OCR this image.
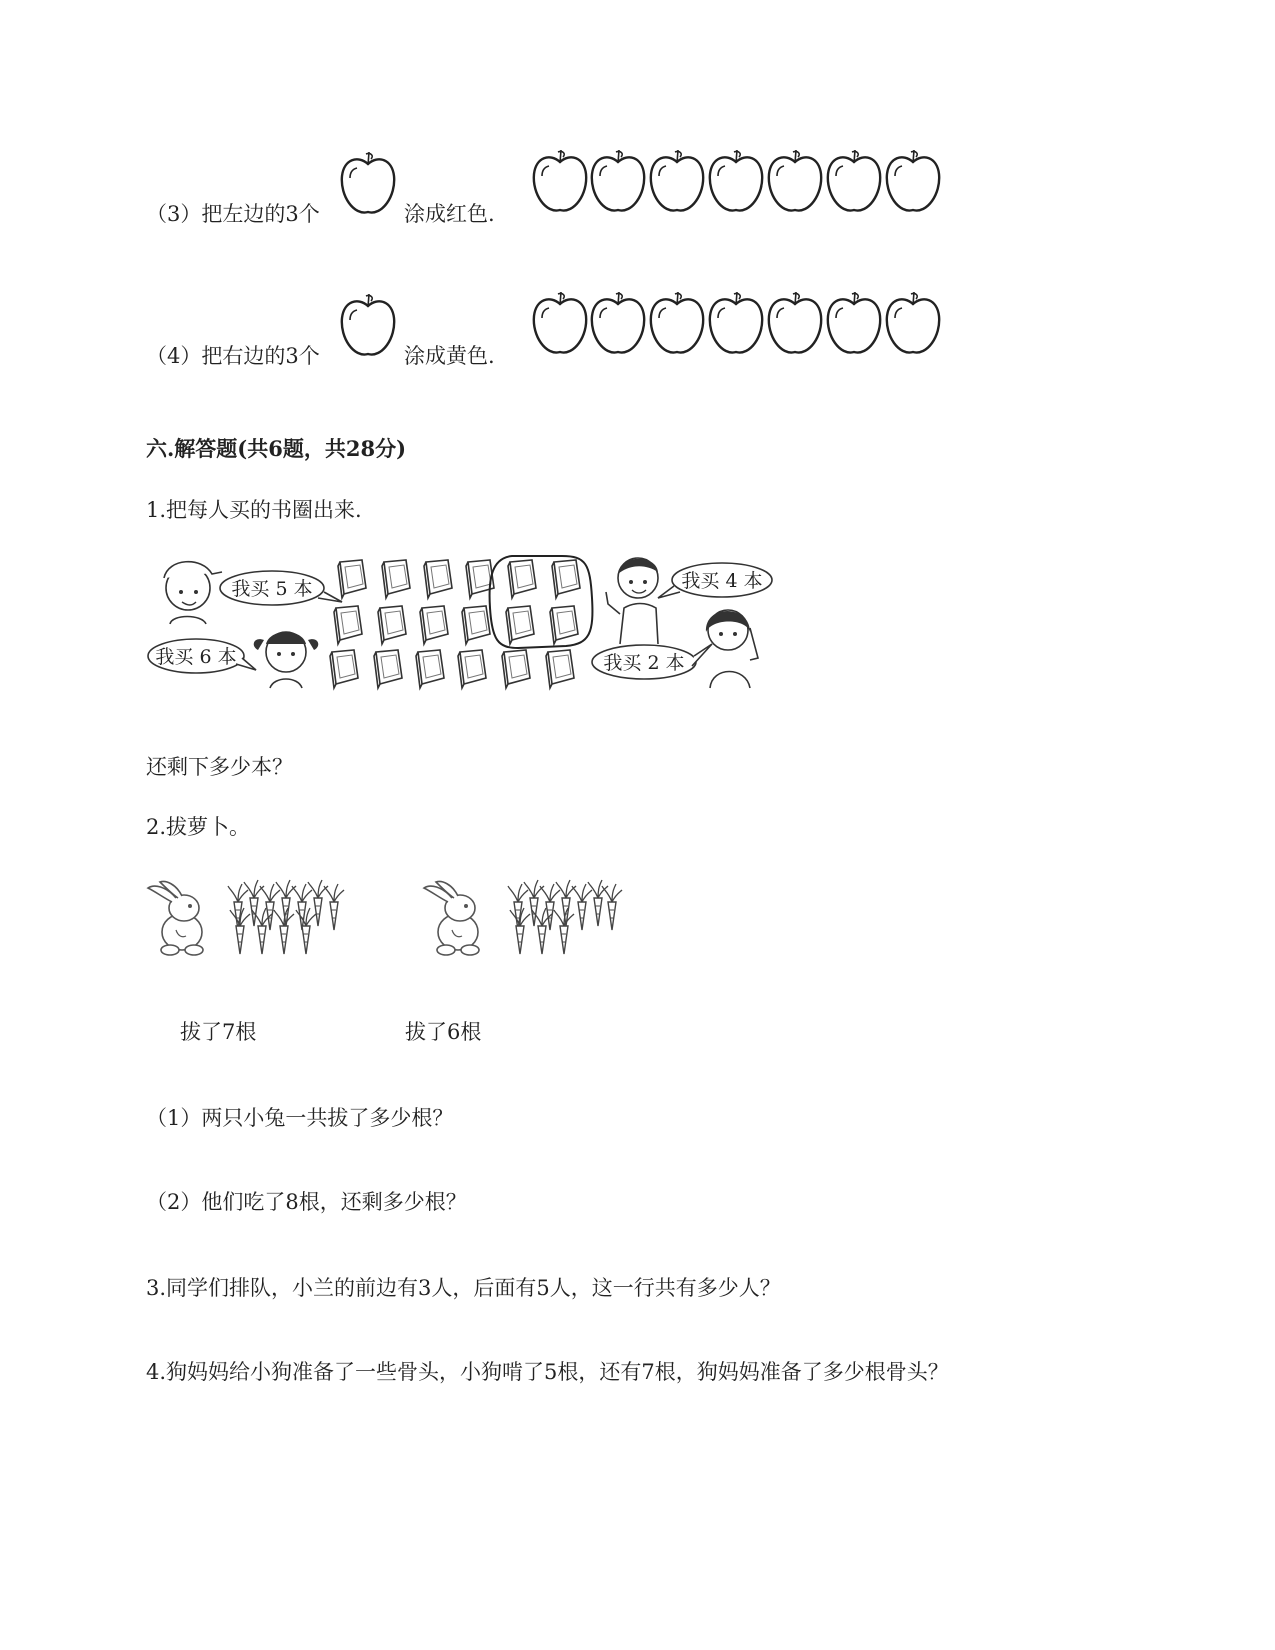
（3）把左边的3个	涂成红色.
（4）把右边的3个	涂成黄色.
六.解答题(共6题，共28分)
1.把每人买的书圈出来.
我买 5 本
我买 6 本
我买 4 本
我买 2 本
还剩下多少本？
2.拔萝卜。
拔了7根	拔了6根
（1）两只小兔一共拔了多少根？
（2）他们吃了8根，还剩多少根？
3.同学们排队，小兰的前边有3人，后面有5人，这一行共有多少人？
4.狗妈妈给小狗准备了一些骨头，小狗啃了5根，还有7根，狗妈妈准备了多少根骨头？
